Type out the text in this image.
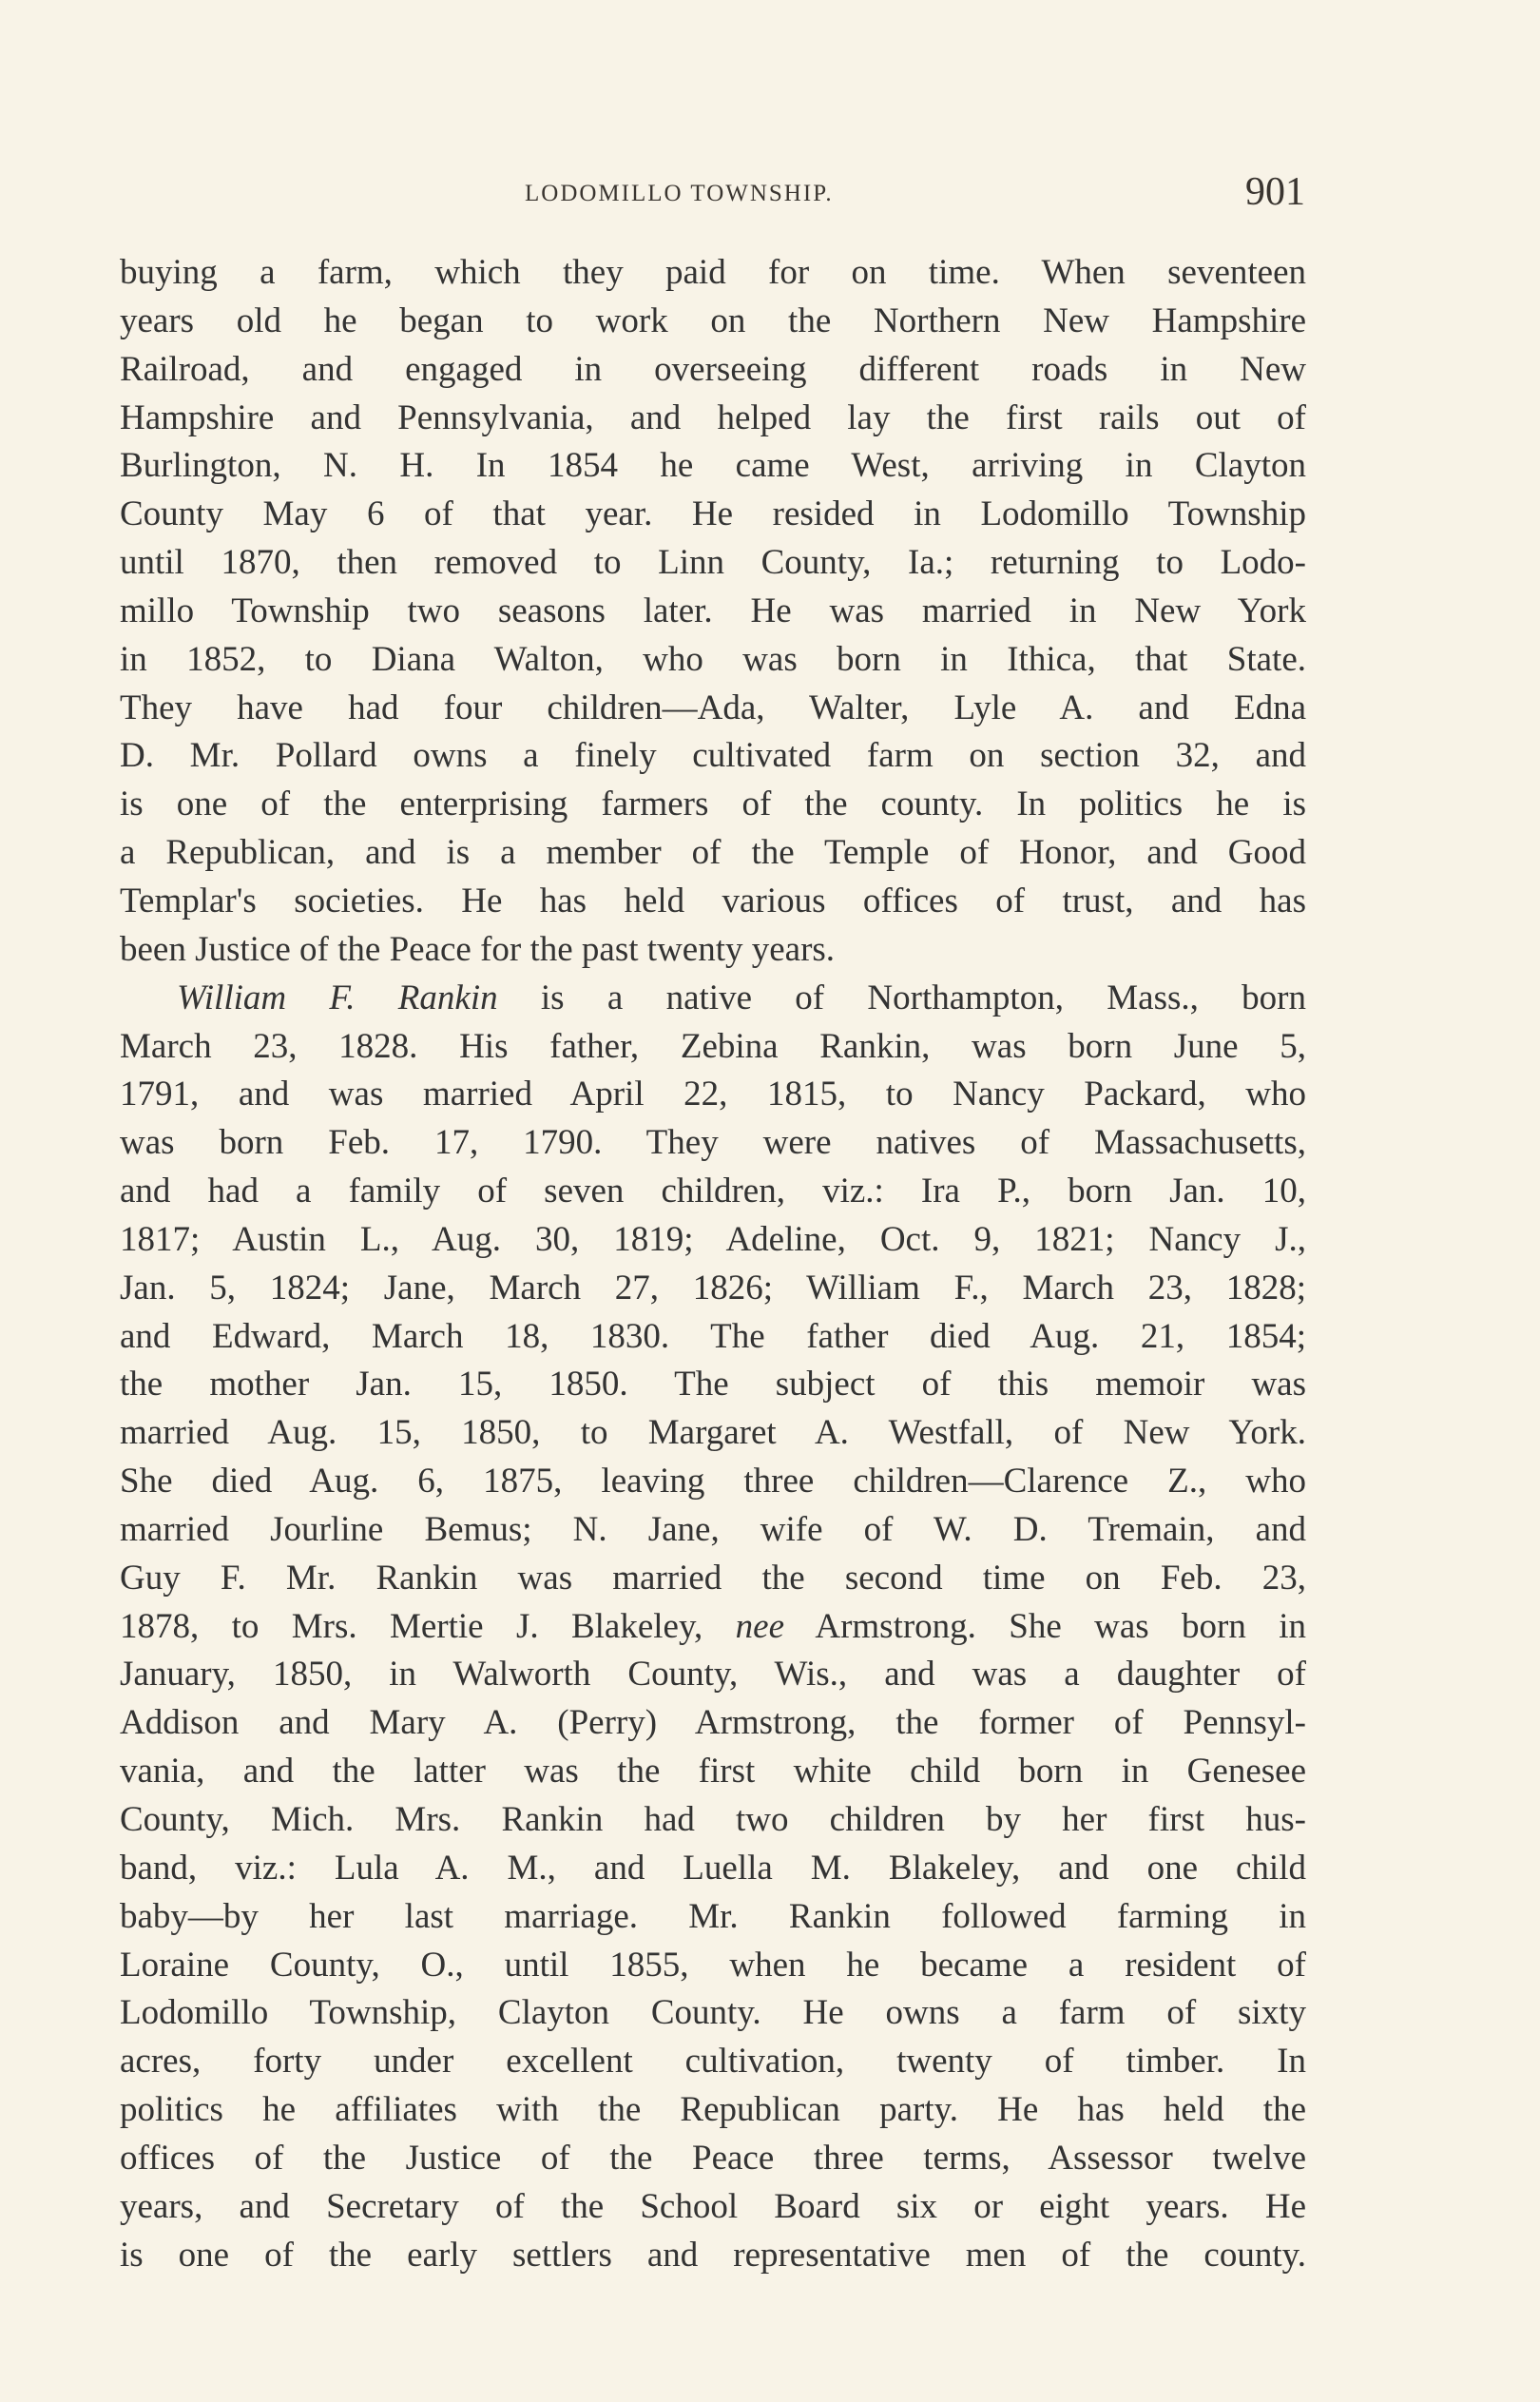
LODOMILLO TOWNSHIP.	901
buying a farm, which they paid for on time. When seventeen
years old he began to work on the Northern New Hampshire
Railroad, and engaged in overseeing different roads in New
Hampshire and Pennsylvania, and helped lay the first rails out of
Burlington, N. H. In 1854 he came West, arriving in Clayton
County May 6 of that year. He resided in Lodomillo Township
until 1870, then removed to Linn County, Ia.; returning to Lodo-
millo Township two seasons later. He was married in New York
in 1852, to Diana Walton, who was born in Ithica, that State.
They have had four children—Ada, Walter, Lyle A. and Edna
D. Mr. Pollard owns a finely cultivated farm on section 32, and
is one of the enterprising farmers of the county. In politics he is
a Republican, and is a member of the Temple of Honor, and Good
Templar's societies. He has held various offices of trust, and has
been Justice of the Peace for the past twenty years.
William F. Rankin is a native of Northampton, Mass., born
March 23, 1828. His father, Zebina Rankin, was born June 5,
1791, and was married April 22, 1815, to Nancy Packard, who
was born Feb. 17, 1790. They were natives of Massachusetts,
and had a family of seven children, viz.: Ira P., born Jan. 10,
1817; Austin L., Aug. 30, 1819; Adeline, Oct. 9, 1821; Nancy J.,
Jan. 5, 1824; Jane, March 27, 1826; William F., March 23, 1828;
and Edward, March 18, 1830. The father died Aug. 21, 1854;
the mother Jan. 15, 1850. The subject of this memoir was
married Aug. 15, 1850, to Margaret A. Westfall, of New York.
She died Aug. 6, 1875, leaving three children—Clarence Z., who
married Jourline Bemus; N. Jane, wife of W. D. Tremain, and
Guy F. Mr. Rankin was married the second time on Feb. 23,
1878, to Mrs. Mertie J. Blakeley, nee Armstrong. She was born in
January, 1850, in Walworth County, Wis., and was a daughter of
Addison and Mary A. (Perry) Armstrong, the former of Pennsyl-
vania, and the latter was the first white child born in Genesee
County, Mich. Mrs. Rankin had two children by her first hus-
band, viz.: Lula A. M., and Luella M. Blakeley, and one child
baby—by her last marriage. Mr. Rankin followed farming in
Loraine County, O., until 1855, when he became a resident of
Lodomillo Township, Clayton County. He owns a farm of sixty
acres, forty under excellent cultivation, twenty of timber. In
politics he affiliates with the Republican party. He has held the
offices of the Justice of the Peace three terms, Assessor twelve
years, and Secretary of the School Board six or eight years. He
is one of the early settlers and representative men of the county.
